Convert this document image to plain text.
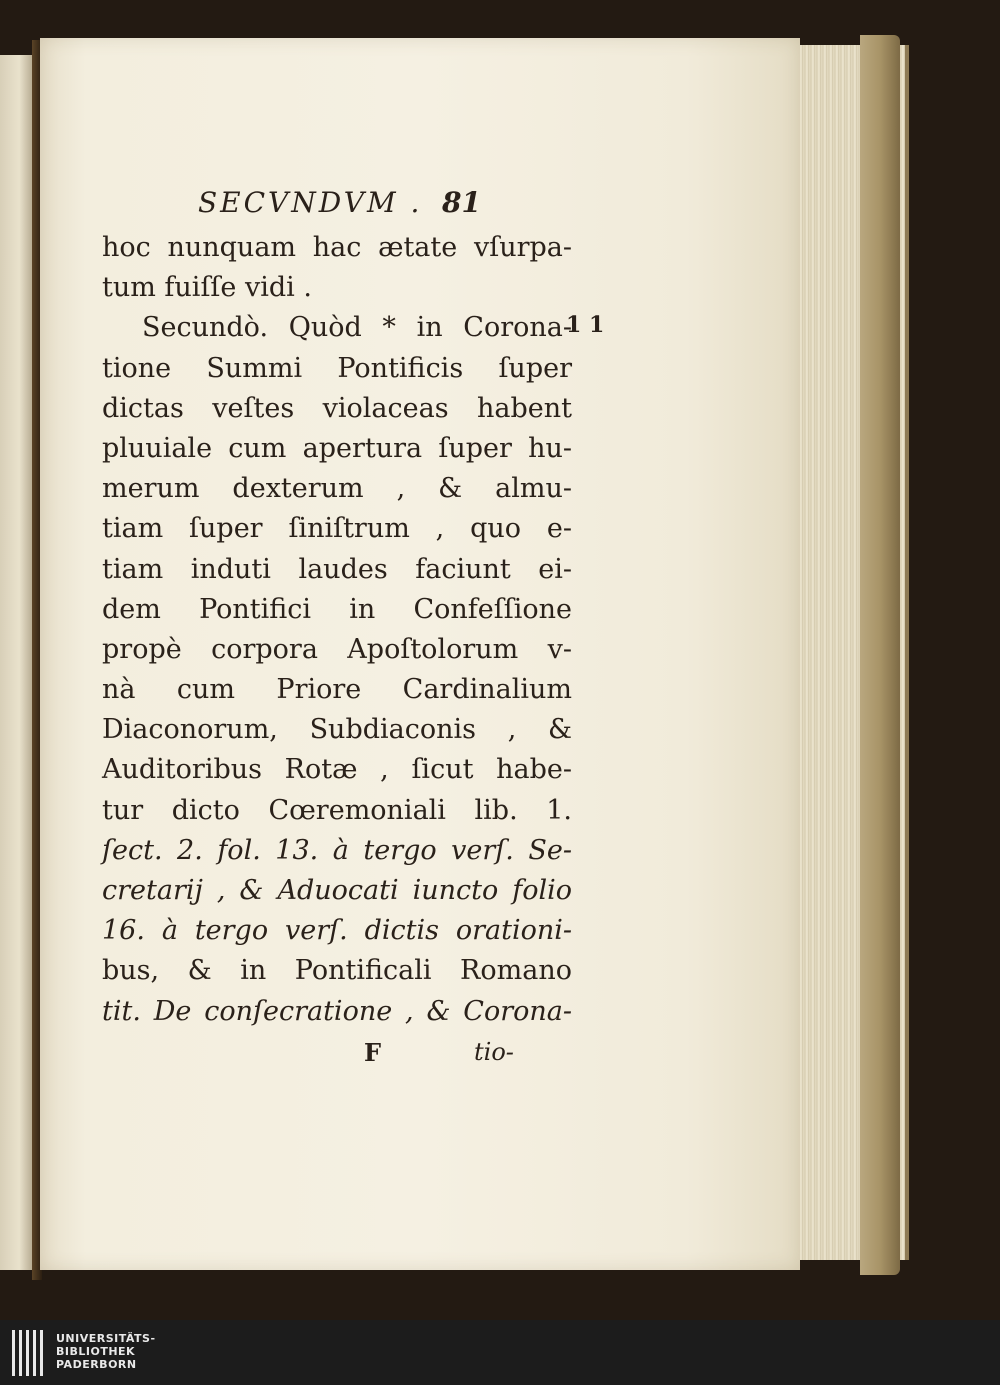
SECVNDVM . 81
hoc nunquam hac ætate vſurpa-
tum fuiſſe vidi .
Secundò. Quòd * in Corona-
tione Summi Pontificis ſuper
dictas veſtes violaceas habent
pluuiale cum apertura ſuper hu-
merum dexterum , & almu-
tiam ſuper ſiniſtrum , quo e-
tiam induti laudes faciunt ei-
dem Pontifici in Confeſſione
propè corpora Apoſtolorum v-
nà cum Priore Cardinalium
Diaconorum, Subdiaconis , &
Auditoribus Rotæ , ſicut habe-
tur dicto Cœremoniali lib. 1.
ſect. 2. fol. 13. à tergo verſ. Se-
cretarij , & Aduocati iuncto folio
16. à tergo verſ. dictis orationi-
bus, & in Pontificali Romano
tit. De conſecratione , & Corona-
1 1
F	tio-
UNIVERSITÄTS-
BIBLIOTHEK
PADERBORN
